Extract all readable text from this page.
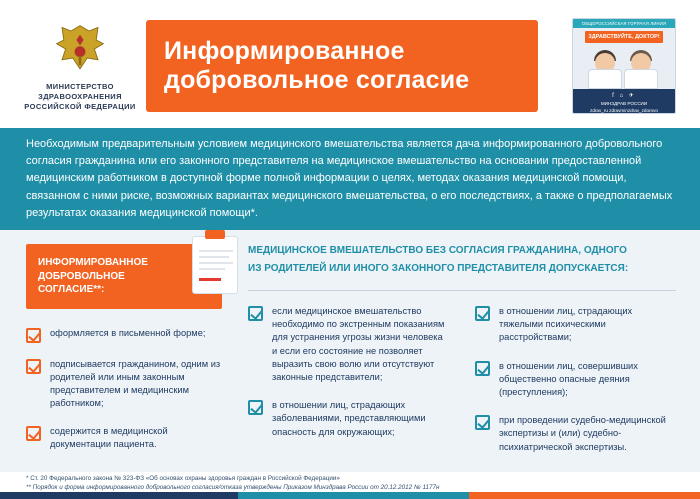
МИНИСТЕРСТВО
ЗДРАВООХРАНЕНИЯ
РОССИЙСКОЙ ФЕДЕРАЦИИ
Информированное
добровольное согласие
ОБЩЕРОССИЙСКАЯ ГОРЯЧАЯ ЛИНИЯ
ЗДРАВСТВУЙТЕ, ДОКТОР!
f ⌂ ✈
МИНЗДРАВ РОССИИ
zdrav_ru zdravminzdrav_zdorovo
Необходимым предварительным условием медицинского вмешательства является дача информированного добровольного согласия гражданина или его законного представителя на медицинское вмешательство на основании предоставленной медицинским работником в доступной форме полной информации о целях, методах оказания медицинской помощи, связанном с ними риске, возможных вариантах медицинского вмешательства, о его последствиях, а также о предполагаемых результатах оказания медицинской помощи*.
ИНФОРМИРОВАННОЕ
ДОБРОВОЛЬНОЕ
СОГЛАСИЕ**:
оформляется в письменной форме;
подписывается гражданином, одним из родителей или иным законным представителем и медицинским работником;
содержится в медицинской документации пациента.
МЕДИЦИНСКОЕ ВМЕШАТЕЛЬСТВО БЕЗ СОГЛАСИЯ ГРАЖДАНИНА, ОДНОГО
ИЗ РОДИТЕЛЕЙ ИЛИ ИНОГО ЗАКОННОГО ПРЕДСТАВИТЕЛЯ ДОПУСКАЕТСЯ:
если медицинское вмешательство необходимо по экстренным показаниям для устранения угрозы жизни человека и если его состояние не позволяет выразить свою волю или отсутствуют законные представители;
в отношении лиц, страдающих заболеваниями, представляющими опасность для окружающих;
в отношении лиц, страдающих тяжелыми психическими расстройствами;
в отношении лиц, совершивших общественно опасные деяния (преступления);
при проведении судебно-медицинской экспертизы и (или) судебно-психиатрической экспертизы.
* Ст. 20 Федерального закона № 323-ФЗ «Об основах охраны здоровья граждан в Российской Федерации»
** Порядок и форма информированного добровольного согласия/отказа утверждены Приказом Минздрава России от 20.12.2012 № 1177н
